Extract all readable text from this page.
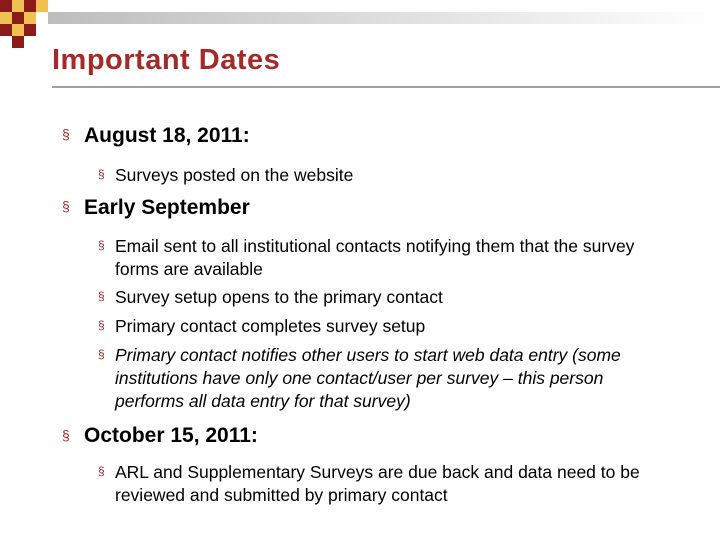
Important Dates
§ August 18, 2011:
§ Surveys posted on the website
§ Early September
§ Email sent to all institutional contacts notifying them that the survey forms are available
§ Survey setup opens to the primary contact
§ Primary contact completes survey setup
§ Primary contact notifies other users to start web data entry (some institutions have only one contact/user per survey – this person performs all data entry for that survey)
§ October 15, 2011:
§ ARL and Supplementary Surveys are due back and data need to be reviewed and submitted by primary contact
